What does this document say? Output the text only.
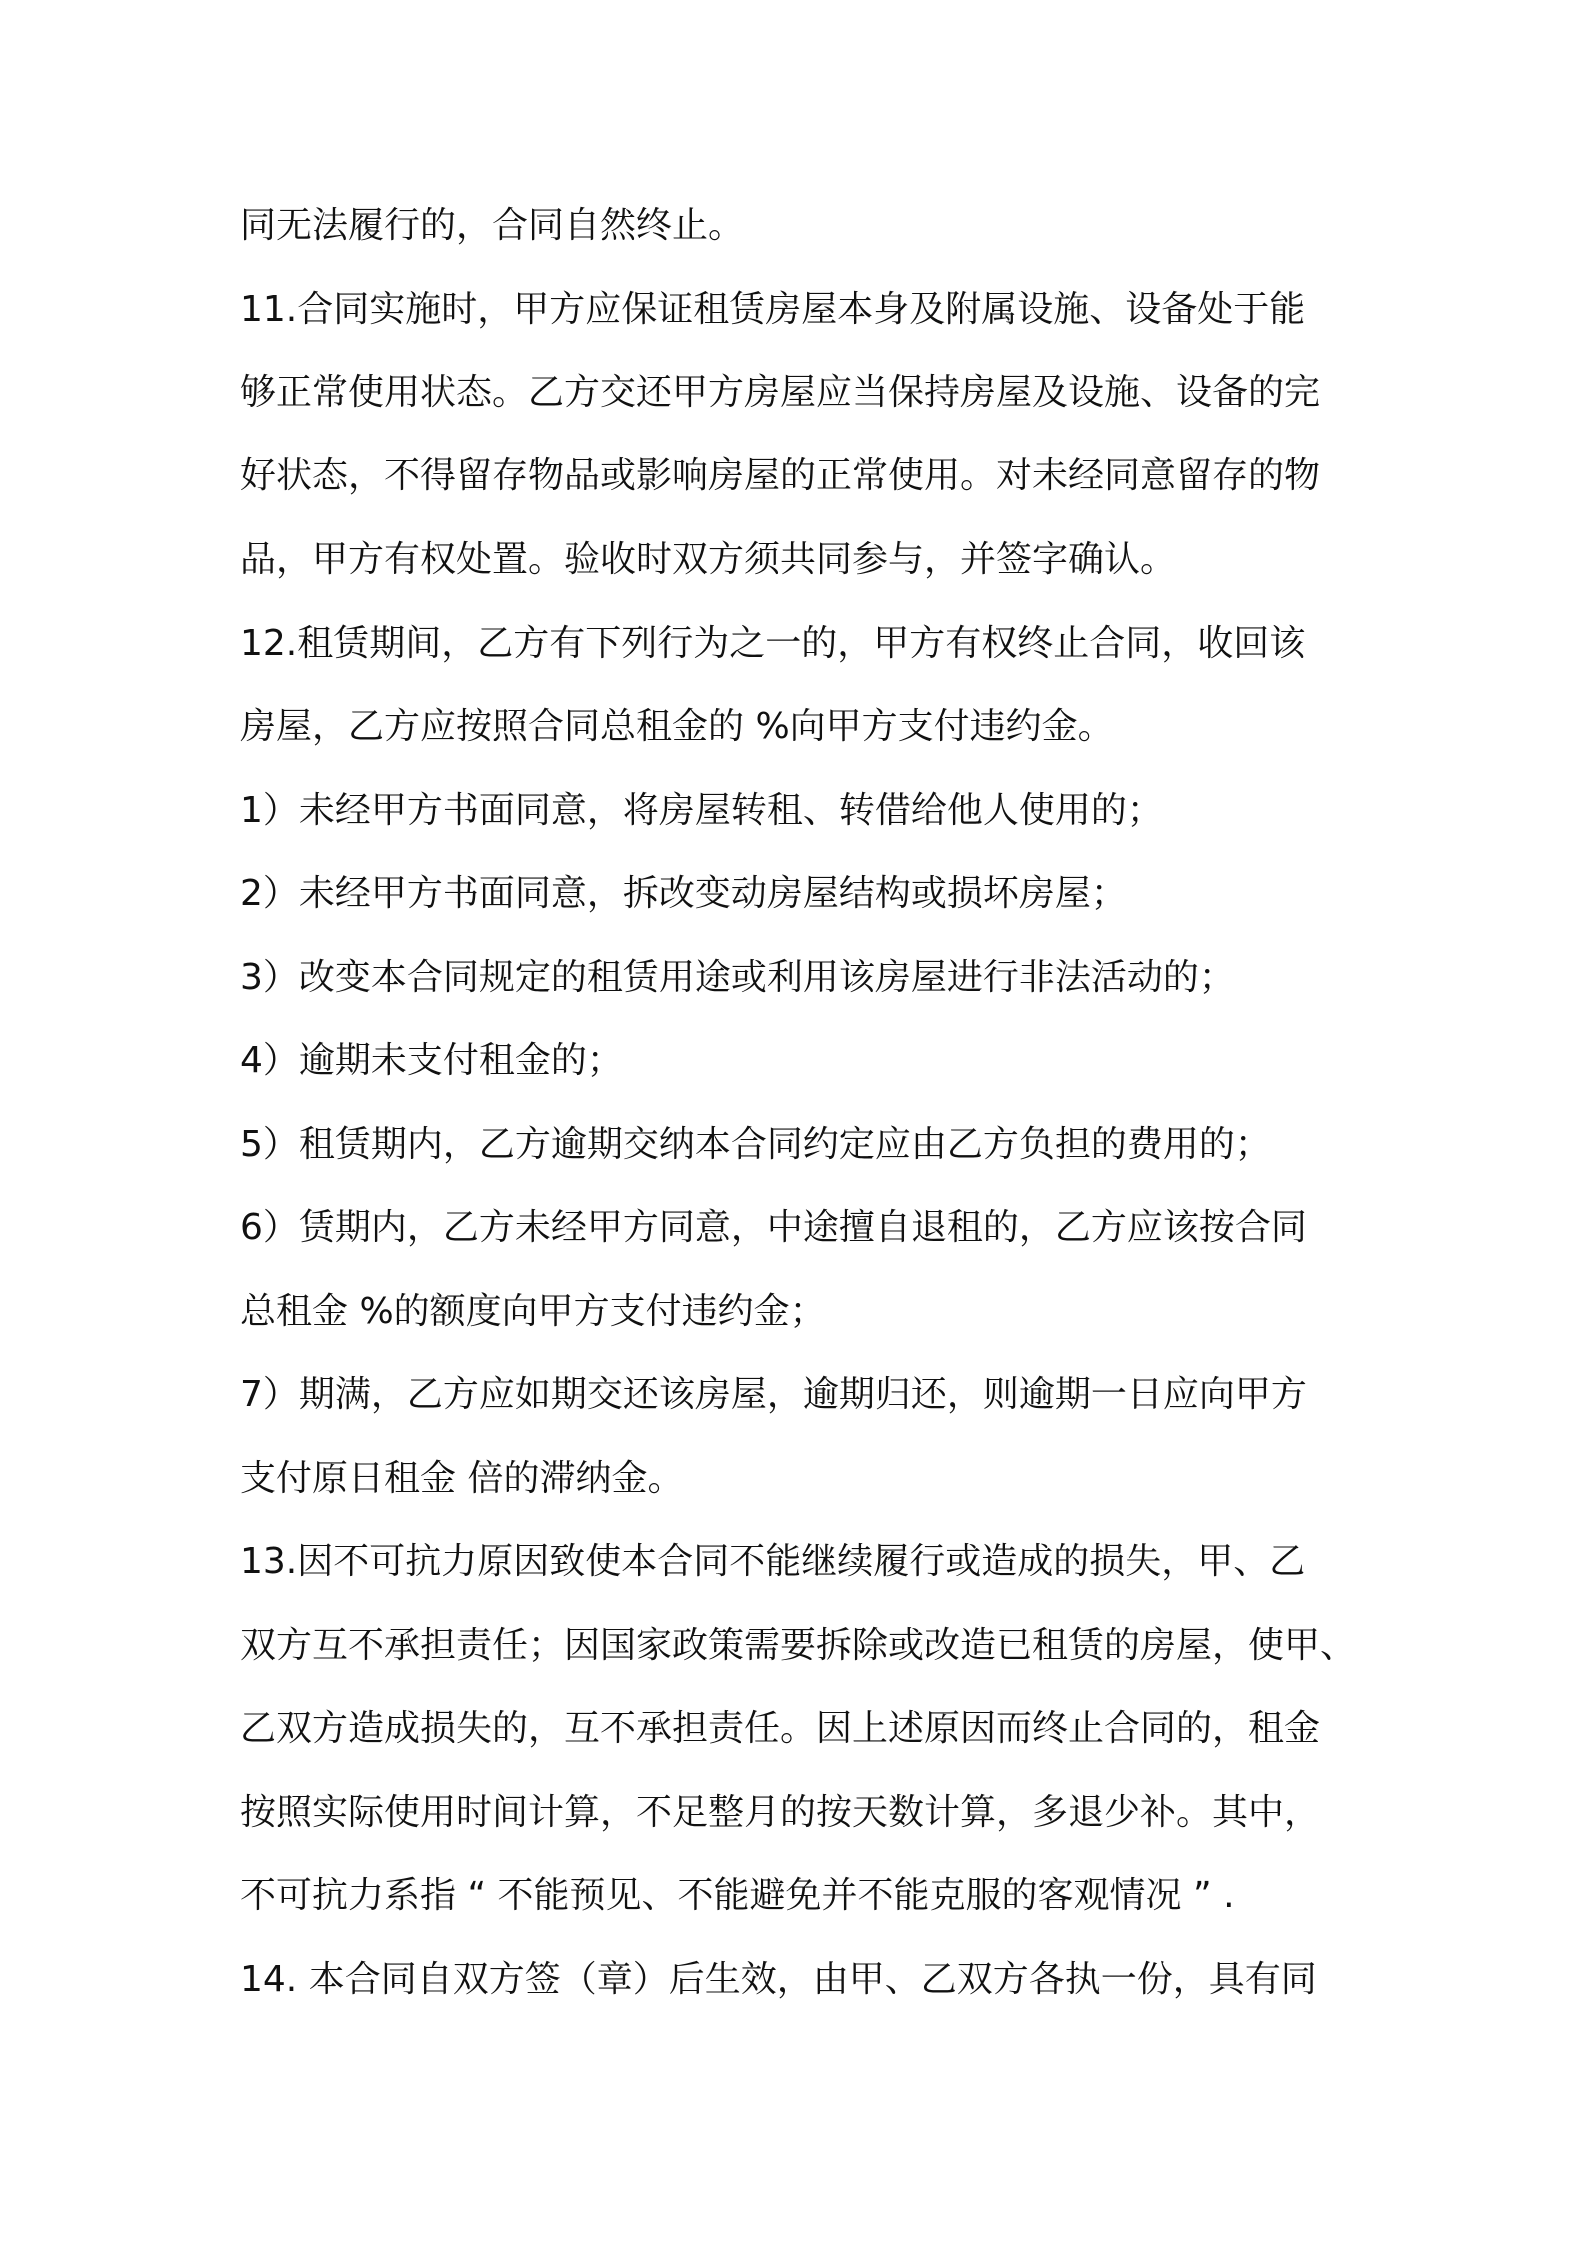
同无法履行的，合同自然终止。
11.合同实施时，甲方应保证租赁房屋本身及附属设施、设备处于能
够正常使用状态。乙方交还甲方房屋应当保持房屋及设施、设备的完
好状态，不得留存物品或影响房屋的正常使用。对未经同意留存的物
品，甲方有权处置。验收时双方须共同参与，并签字确认。
12.租赁期间，乙方有下列行为之一的，甲方有权终止合同，收回该
房屋，乙方应按照合同总租金的 %向甲方支付违约金。
1）未经甲方书面同意，将房屋转租、转借给他人使用的；
2）未经甲方书面同意，拆改变动房屋结构或损坏房屋；
3）改变本合同规定的租赁用途或利用该房屋进行非法活动的；
4）逾期未支付租金的；
5）租赁期内，乙方逾期交纳本合同约定应由乙方负担的费用的；
6）赁期内，乙方未经甲方同意，中途擅自退租的，乙方应该按合同
总租金 %的额度向甲方支付违约金；
7）期满，乙方应如期交还该房屋，逾期归还，则逾期一日应向甲方
支付原日租金 倍的滞纳金。
13.因不可抗力原因致使本合同不能继续履行或造成的损失，甲、乙
双方互不承担责任；因国家政策需要拆除或改造已租赁的房屋，使甲、
乙双方造成损失的，互不承担责任。因上述原因而终止合同的，租金
按照实际使用时间计算，不足整月的按天数计算，多退少补。其中，
不可抗力系指 “ 不能预见、不能避免并不能克服的客观情况 ” .
14. 本合同自双方签（章）后生效，由甲、乙双方各执一份，具有同
